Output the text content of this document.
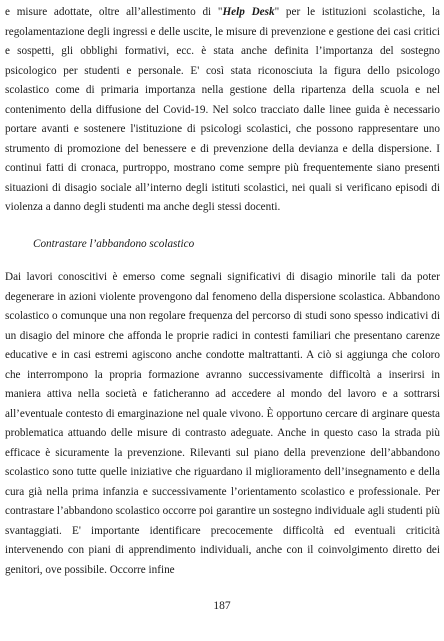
e misure adottate, oltre all’allestimento di "Help Desk" per le istituzioni scolastiche, la regolamentazione degli ingressi e delle uscite, le misure di prevenzione e gestione dei casi critici e sospetti, gli obblighi formativi, ecc. è stata anche definita l’importanza del sostegno psicologico per studenti e personale. E' così stata riconosciuta la figura dello psicologo scolastico come di primaria importanza nella gestione della ripartenza della scuola e nel contenimento della diffusione del Covid-19. Nel solco tracciato dalle linee guida è necessario portare avanti e sostenere l'istituzione di psicologi scolastici, che possono rappresentare uno strumento di promozione del benessere e di prevenzione della devianza e della dispersione. I continui fatti di cronaca, purtroppo, mostrano come sempre più frequentemente siano presenti situazioni di disagio sociale all’interno degli istituti scolastici, nei quali si verificano episodi di violenza a danno degli studenti ma anche degli stessi docenti.

Contrastare l’abbandono scolastico

Dai lavori conoscitivi è emerso come segnali significativi di disagio minorile tali da poter degenerare in azioni violente provengono dal fenomeno della dispersione scolastica. Abbandono scolastico o comunque una non regolare frequenza del percorso di studi sono spesso indicativi di un disagio del minore che affonda le proprie radici in contesti familiari che presentano carenze educative e in casi estremi agiscono anche condotte maltrattanti. A ciò si aggiunga che coloro che interrompono la propria formazione avranno successivamente difficoltà a inserirsi in maniera attiva nella società e faticheranno ad accedere al mondo del lavoro e a sottrarsi all’eventuale contesto di emarginazione nel quale vivono. È opportuno cercare di arginare questa problematica attuando delle misure di contrasto adeguate. Anche in questo caso la strada più efficace è sicuramente la prevenzione. Rilevanti sul piano della prevenzione dell’abbandono scolastico sono tutte quelle iniziative che riguardano il miglioramento dell’insegnamento e della cura già nella prima infanzia e successivamente l’orientamento scolastico e professionale. Per contrastare l’abbandono scolastico occorre poi garantire un sostegno individuale agli studenti più svantaggiati. E' importante identificare precocemente difficoltà ed eventuali criticità intervenendo con piani di apprendimento individuali, anche con il coinvolgimento diretto dei genitori, ove possibile. Occorre infine

187
